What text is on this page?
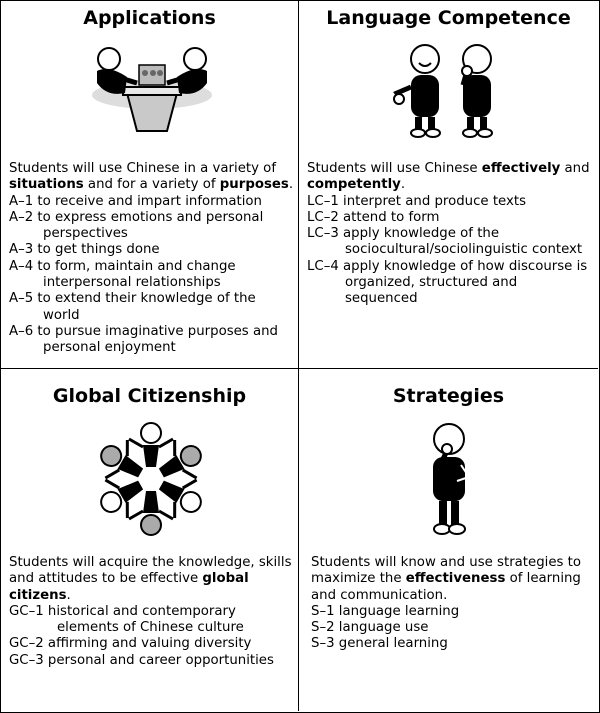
Applications
Students will use Chinese in a variety of situations and for a variety of purposes.
A–1 to receive and impart information
A–2 to express emotions and personal
perspectives
A–3 to get things done
A–4 to form, maintain and change
interpersonal relationships
A–5 to extend their knowledge of the
world
A–6 to pursue imaginative purposes and
personal enjoyment
Language Competence
Students will use Chinese effectively and competently.
LC–1 interpret and produce texts
LC–2 attend to form
LC–3 apply knowledge of the
sociocultural/sociolinguistic context
LC–4 apply knowledge of how discourse is
organized, structured and
sequenced
Global Citizenship
Students will acquire the knowledge, skills and attitudes to be effective global citizens.
GC–1 historical and contemporary
elements of Chinese culture
GC–2 affirming and valuing diversity
GC–3 personal and career opportunities
Strategies
Students will know and use strategies to maximize the effectiveness of learning and communication.
S–1 language learning
S–2 language use
S–3 general learning
